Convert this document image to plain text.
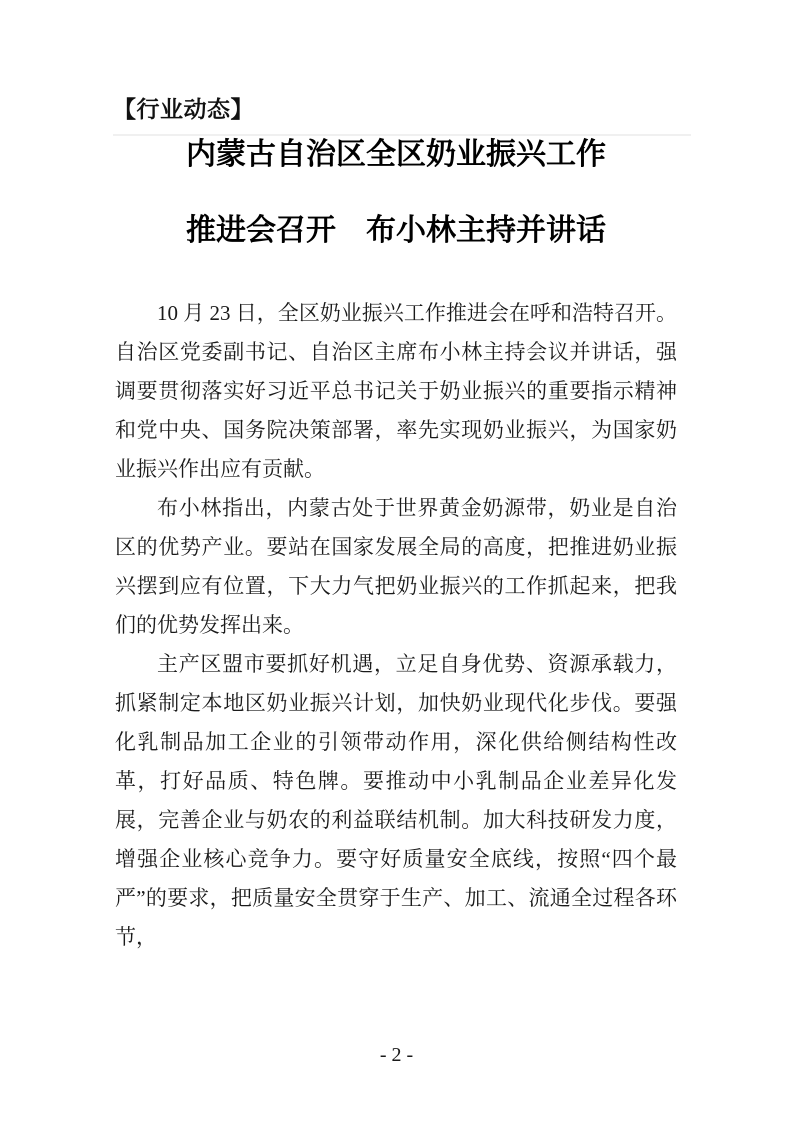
【行业动态】
内蒙古自治区全区奶业振兴工作
推进会召开　布小林主持并讲话

10 月 23 日，全区奶业振兴工作推进会在呼和浩特召开。自治区党委副书记、自治区主席布小林主持会议并讲话，强调要贯彻落实好习近平总书记关于奶业振兴的重要指示精神和党中央、国务院决策部署，率先实现奶业振兴，为国家奶业振兴作出应有贡献。

布小林指出，内蒙古处于世界黄金奶源带，奶业是自治区的优势产业。要站在国家发展全局的高度，把推进奶业振兴摆到应有位置，下大力气把奶业振兴的工作抓起来，把我们的优势发挥出来。

主产区盟市要抓好机遇，立足自身优势、资源承载力，抓紧制定本地区奶业振兴计划，加快奶业现代化步伐。要强化乳制品加工企业的引领带动作用，深化供给侧结构性改革，打好品质、特色牌。要推动中小乳制品企业差异化发展，完善企业与奶农的利益联结机制。加大科技研发力度，增强企业核心竞争力。要守好质量安全底线，按照“四个最严”的要求，把质量安全贯穿于生产、加工、流通全过程各环节，

- 2 -
